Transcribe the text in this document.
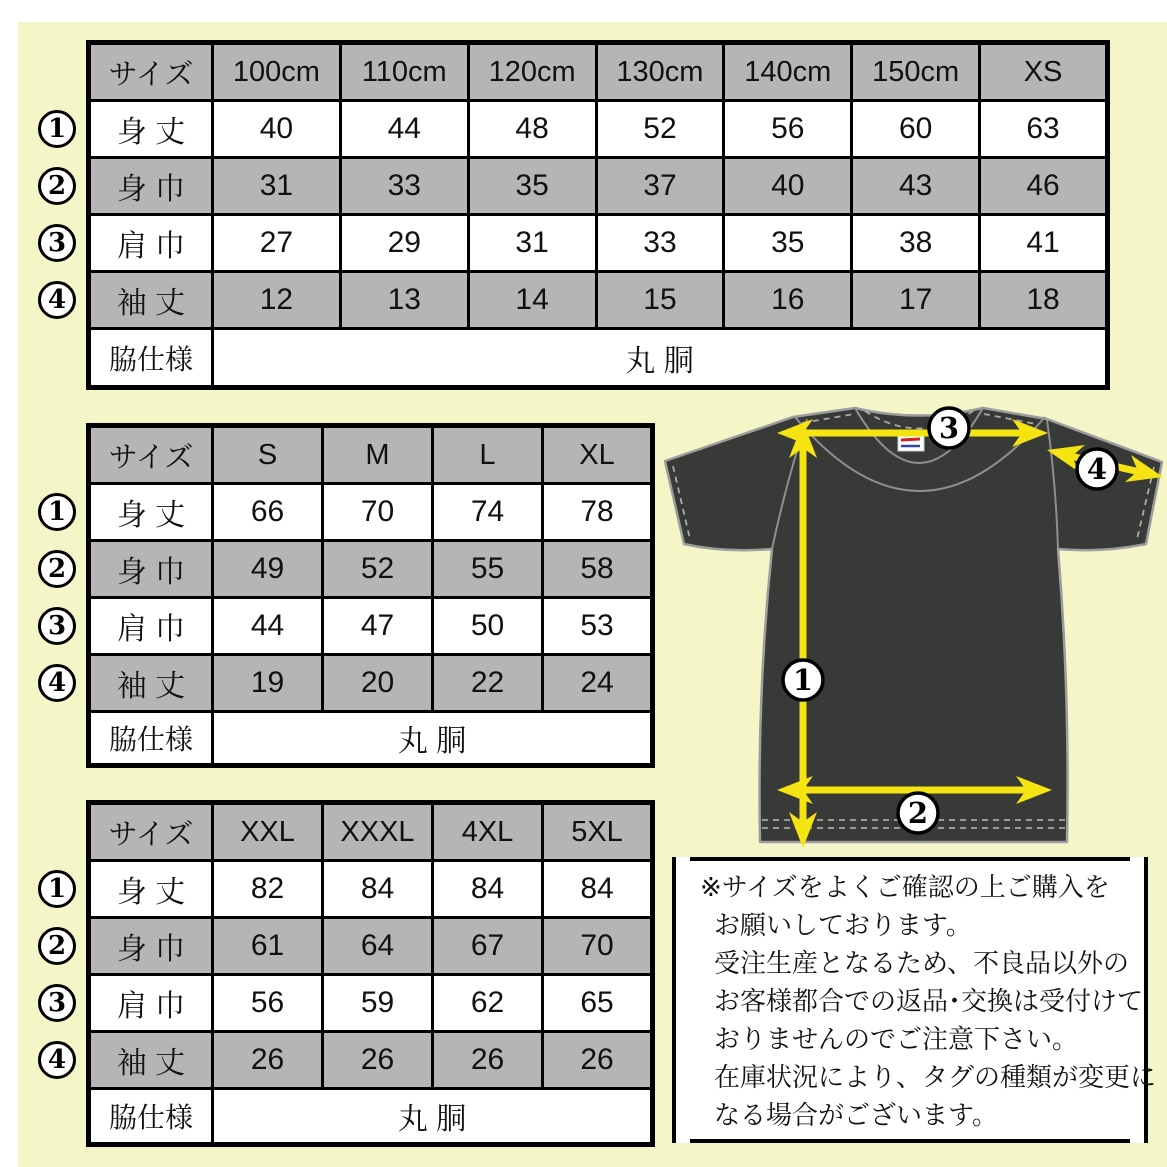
サイズ	100cm	110cm	120cm	130cm	140cm	150cm	XS
身 丈	40	44	48	52	56	60	63
身 巾	31	33	35	37	40	43	46
肩 巾	27	29	31	33	35	38	41
袖 丈	12	13	14	15	16	17	18
脇仕様	丸 胴						
1
2
3
4
サイズ	S	M	L	XL
身 丈	66	70	74	78
身 巾	49	52	55	58
肩 巾	44	47	50	53
袖 丈	19	20	22	24
脇仕様	丸 胴			
1
2
3
4
サイズ	XXL	XXXL	4XL	5XL
身 丈	82	84	84	84
身 巾	61	64	67	70
肩 巾	56	59	62	65
袖 丈	26	26	26	26
脇仕様	丸 胴			
1
2
3
4
1
2
3
4
※サイズをよくご確認の上ご購入を
お願いしております。
受注生産となるため、不良品以外の
お客様都合での返品･交換は受付けて
おりませんのでご注意下さい。
在庫状況により、タグの種類が変更に
なる場合がございます。
